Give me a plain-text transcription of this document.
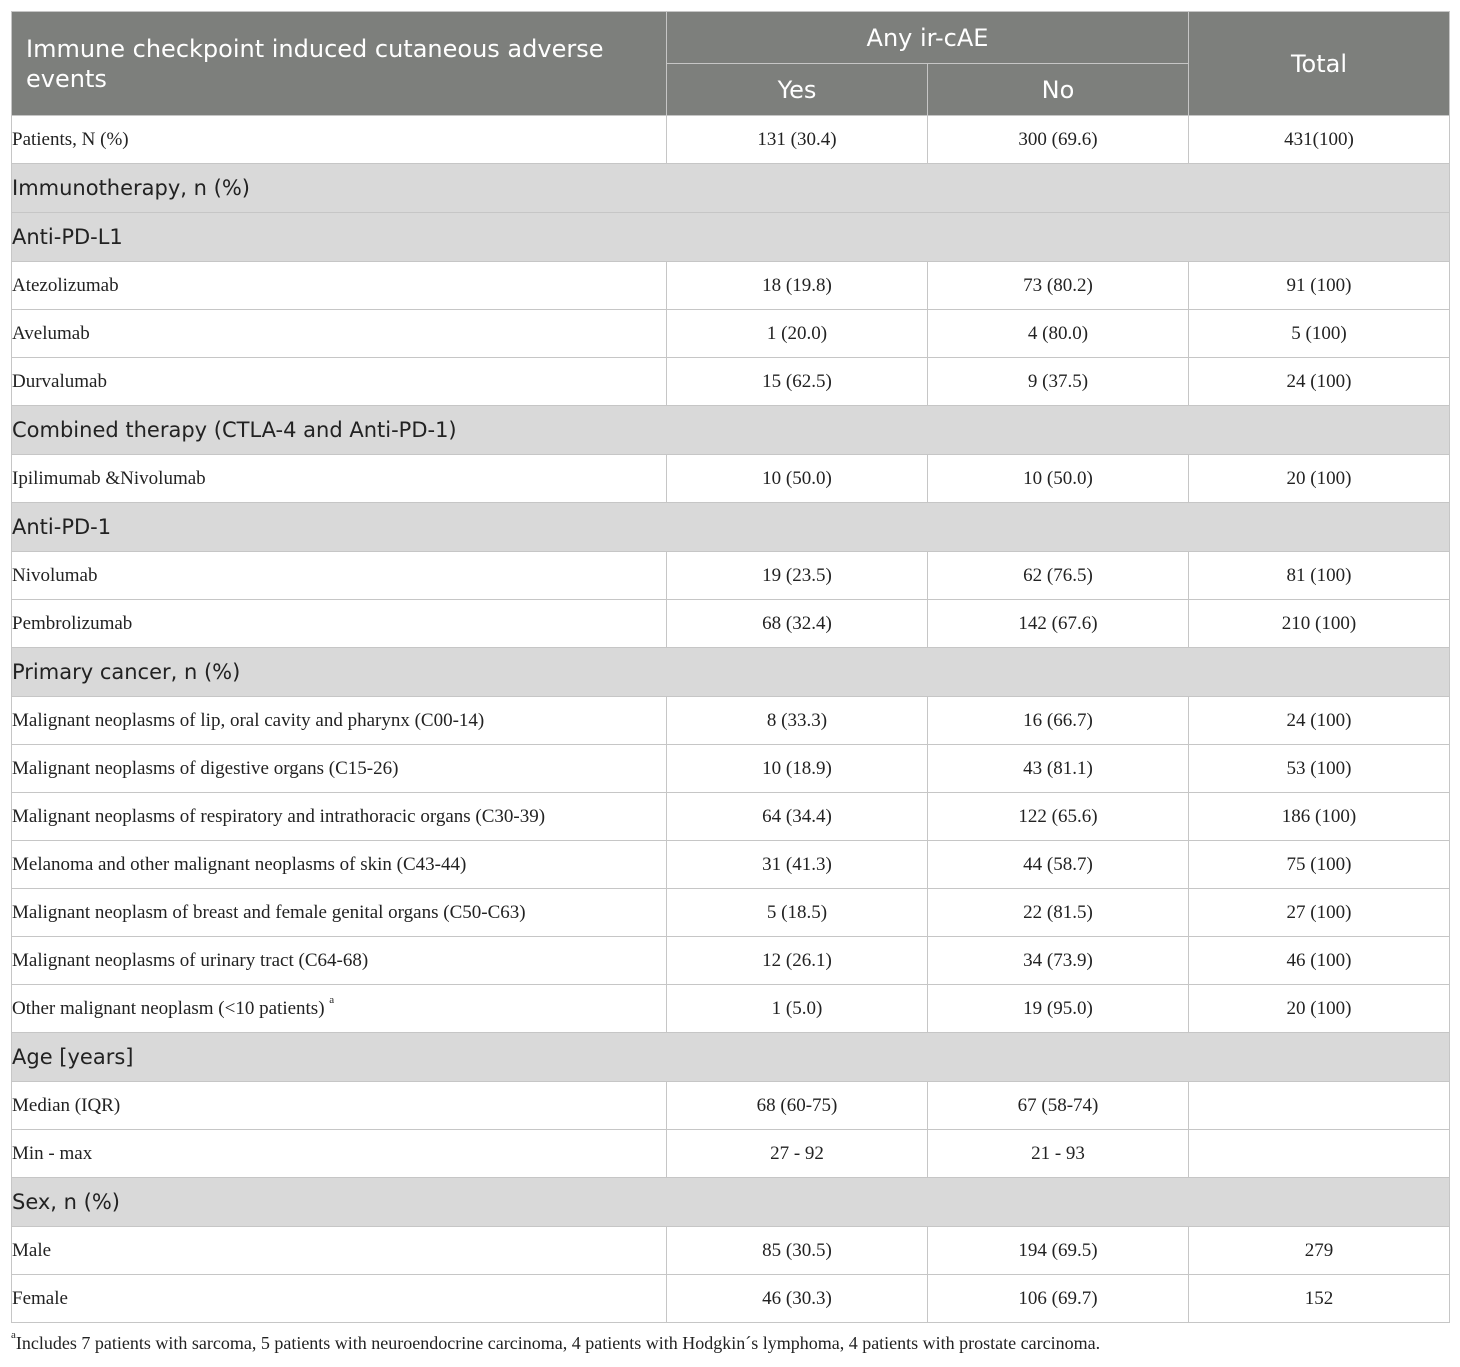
Immune checkpoint induced cutaneous adverse events	Any ir-cAE		Total
	Yes	No	
Patients, N (%)	131 (30.4)	300 (69.6)	431(100)
Immunotherapy, n (%)			
Anti-PD-L1			
Atezolizumab	18 (19.8)	73 (80.2)	91 (100)
Avelumab	1 (20.0)	4 (80.0)	5 (100)
Durvalumab	15 (62.5)	9 (37.5)	24 (100)
Combined therapy (CTLA-4 and Anti-PD-1)			
Ipilimumab &Nivolumab	10 (50.0)	10 (50.0)	20 (100)
Anti-PD-1			
Nivolumab	19 (23.5)	62 (76.5)	81 (100)
Pembrolizumab	68 (32.4)	142 (67.6)	210 (100)
Primary cancer, n (%)			
Malignant neoplasms of lip, oral cavity and pharynx (C00-14)	8 (33.3)	16 (66.7)	24 (100)
Malignant neoplasms of digestive organs (C15-26)	10 (18.9)	43 (81.1)	53 (100)
Malignant neoplasms of respiratory and intrathoracic organs (C30-39)	64 (34.4)	122 (65.6)	186 (100)
Melanoma and other malignant neoplasms of skin (C43-44)	31 (41.3)	44 (58.7)	75 (100)
Malignant neoplasm of breast and female genital organs (C50-C63)	5 (18.5)	22 (81.5)	27 (100)
Malignant neoplasms of urinary tract (C64-68)	12 (26.1)	34 (73.9)	46 (100)
Other malignant neoplasm (<10 patients) $^a$	1 (5.0)	19 (95.0)	20 (100)
Age [years]			
Median (IQR)	68 (60-75)	67 (58-74)	
Min - max	27 - 92	21 - 93	
Sex, n (%)			
Male	85 (30.5)	194 (69.5)	279
Female	46 (30.3)	106 (69.7)	152
$^a$Includes 7 patients with sarcoma, 5 patients with neuroendocrine carcinoma, 4 patients with Hodgkin´s lymphoma, 4 patients with prostate carcinoma.
